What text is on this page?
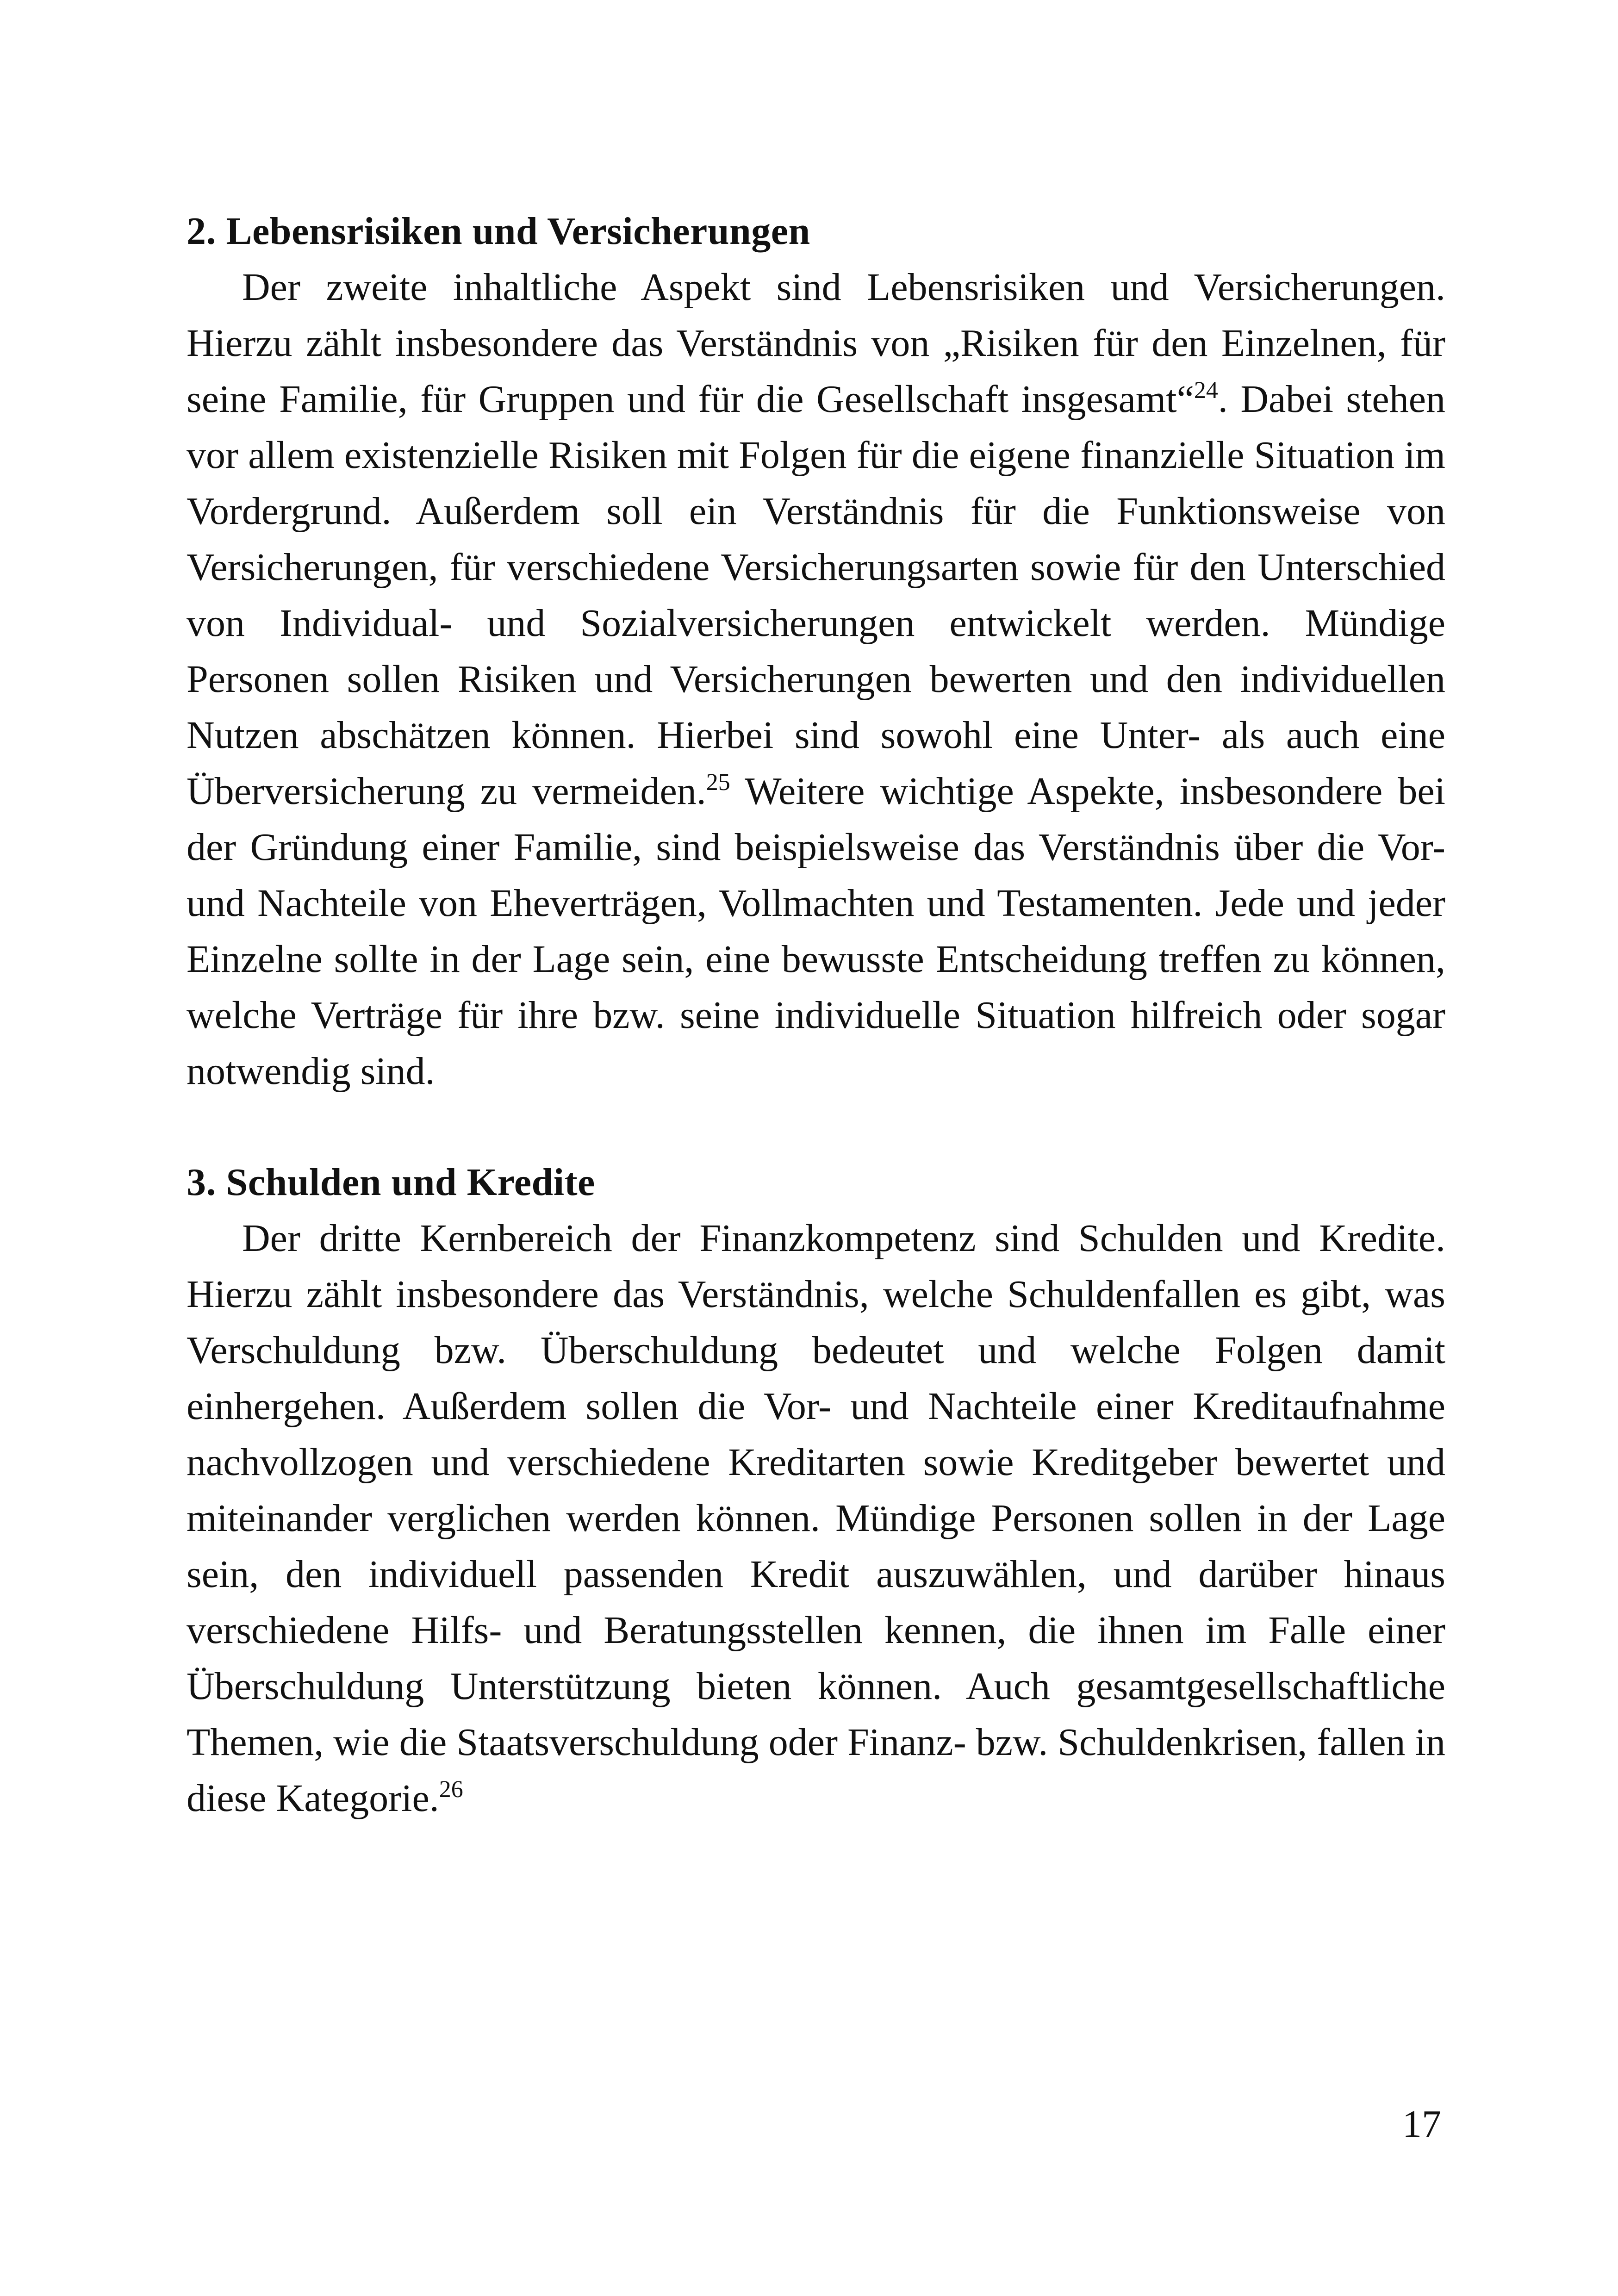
2. Lebensrisiken und Versicherungen

Der zweite inhaltliche Aspekt sind Lebensrisiken und Versicherungen. Hierzu zählt insbesondere das Verständnis von „Risiken für den Einzelnen, für seine Familie, für Gruppen und für die Gesellschaft insgesamt“$^{24}$. Dabei stehen vor allem existenzielle Risiken mit Folgen für die eigene finanzielle Situation im Vordergrund. Außerdem soll ein Verständnis für die Funktionsweise von Versicherungen, für verschiedene Versicherungsarten sowie für den Unterschied von Individual- und Sozialversicherungen entwickelt werden. Mündige Personen sollen Risiken und Versicherungen bewerten und den individuellen Nutzen abschätzen können. Hierbei sind sowohl eine Unter- als auch eine Überversicherung zu vermeiden.$^{25}$ Weitere wichtige Aspekte, insbesondere bei der Gründung einer Familie, sind beispielsweise das Verständnis über die Vor- und Nachteile von Eheverträgen, Vollmachten und Testamenten. Jede und jeder Einzelne sollte in der Lage sein, eine bewusste Entscheidung treffen zu können, welche Verträge für ihre bzw. seine individuelle Situation hilfreich oder sogar notwendig sind.

3. Schulden und Kredite

Der dritte Kernbereich der Finanzkompetenz sind Schulden und Kredite. Hierzu zählt insbesondere das Verständnis, welche Schuldenfallen es gibt, was Verschuldung bzw. Überschuldung bedeutet und welche Folgen damit einhergehen. Außerdem sollen die Vor- und Nachteile einer Kreditaufnahme nachvollzogen und verschiedene Kreditarten sowie Kreditgeber bewertet und miteinander verglichen werden können. Mündige Personen sollen in der Lage sein, den individuell passenden Kredit auszuwählen, und darüber hinaus verschiedene Hilfs- und Beratungsstellen kennen, die ihnen im Falle einer Überschuldung Unterstützung bieten können. Auch gesamtgesellschaftliche Themen, wie die Staatsverschuldung oder Finanz- bzw. Schuldenkrisen, fallen in diese Kategorie.$^{26}$

17
